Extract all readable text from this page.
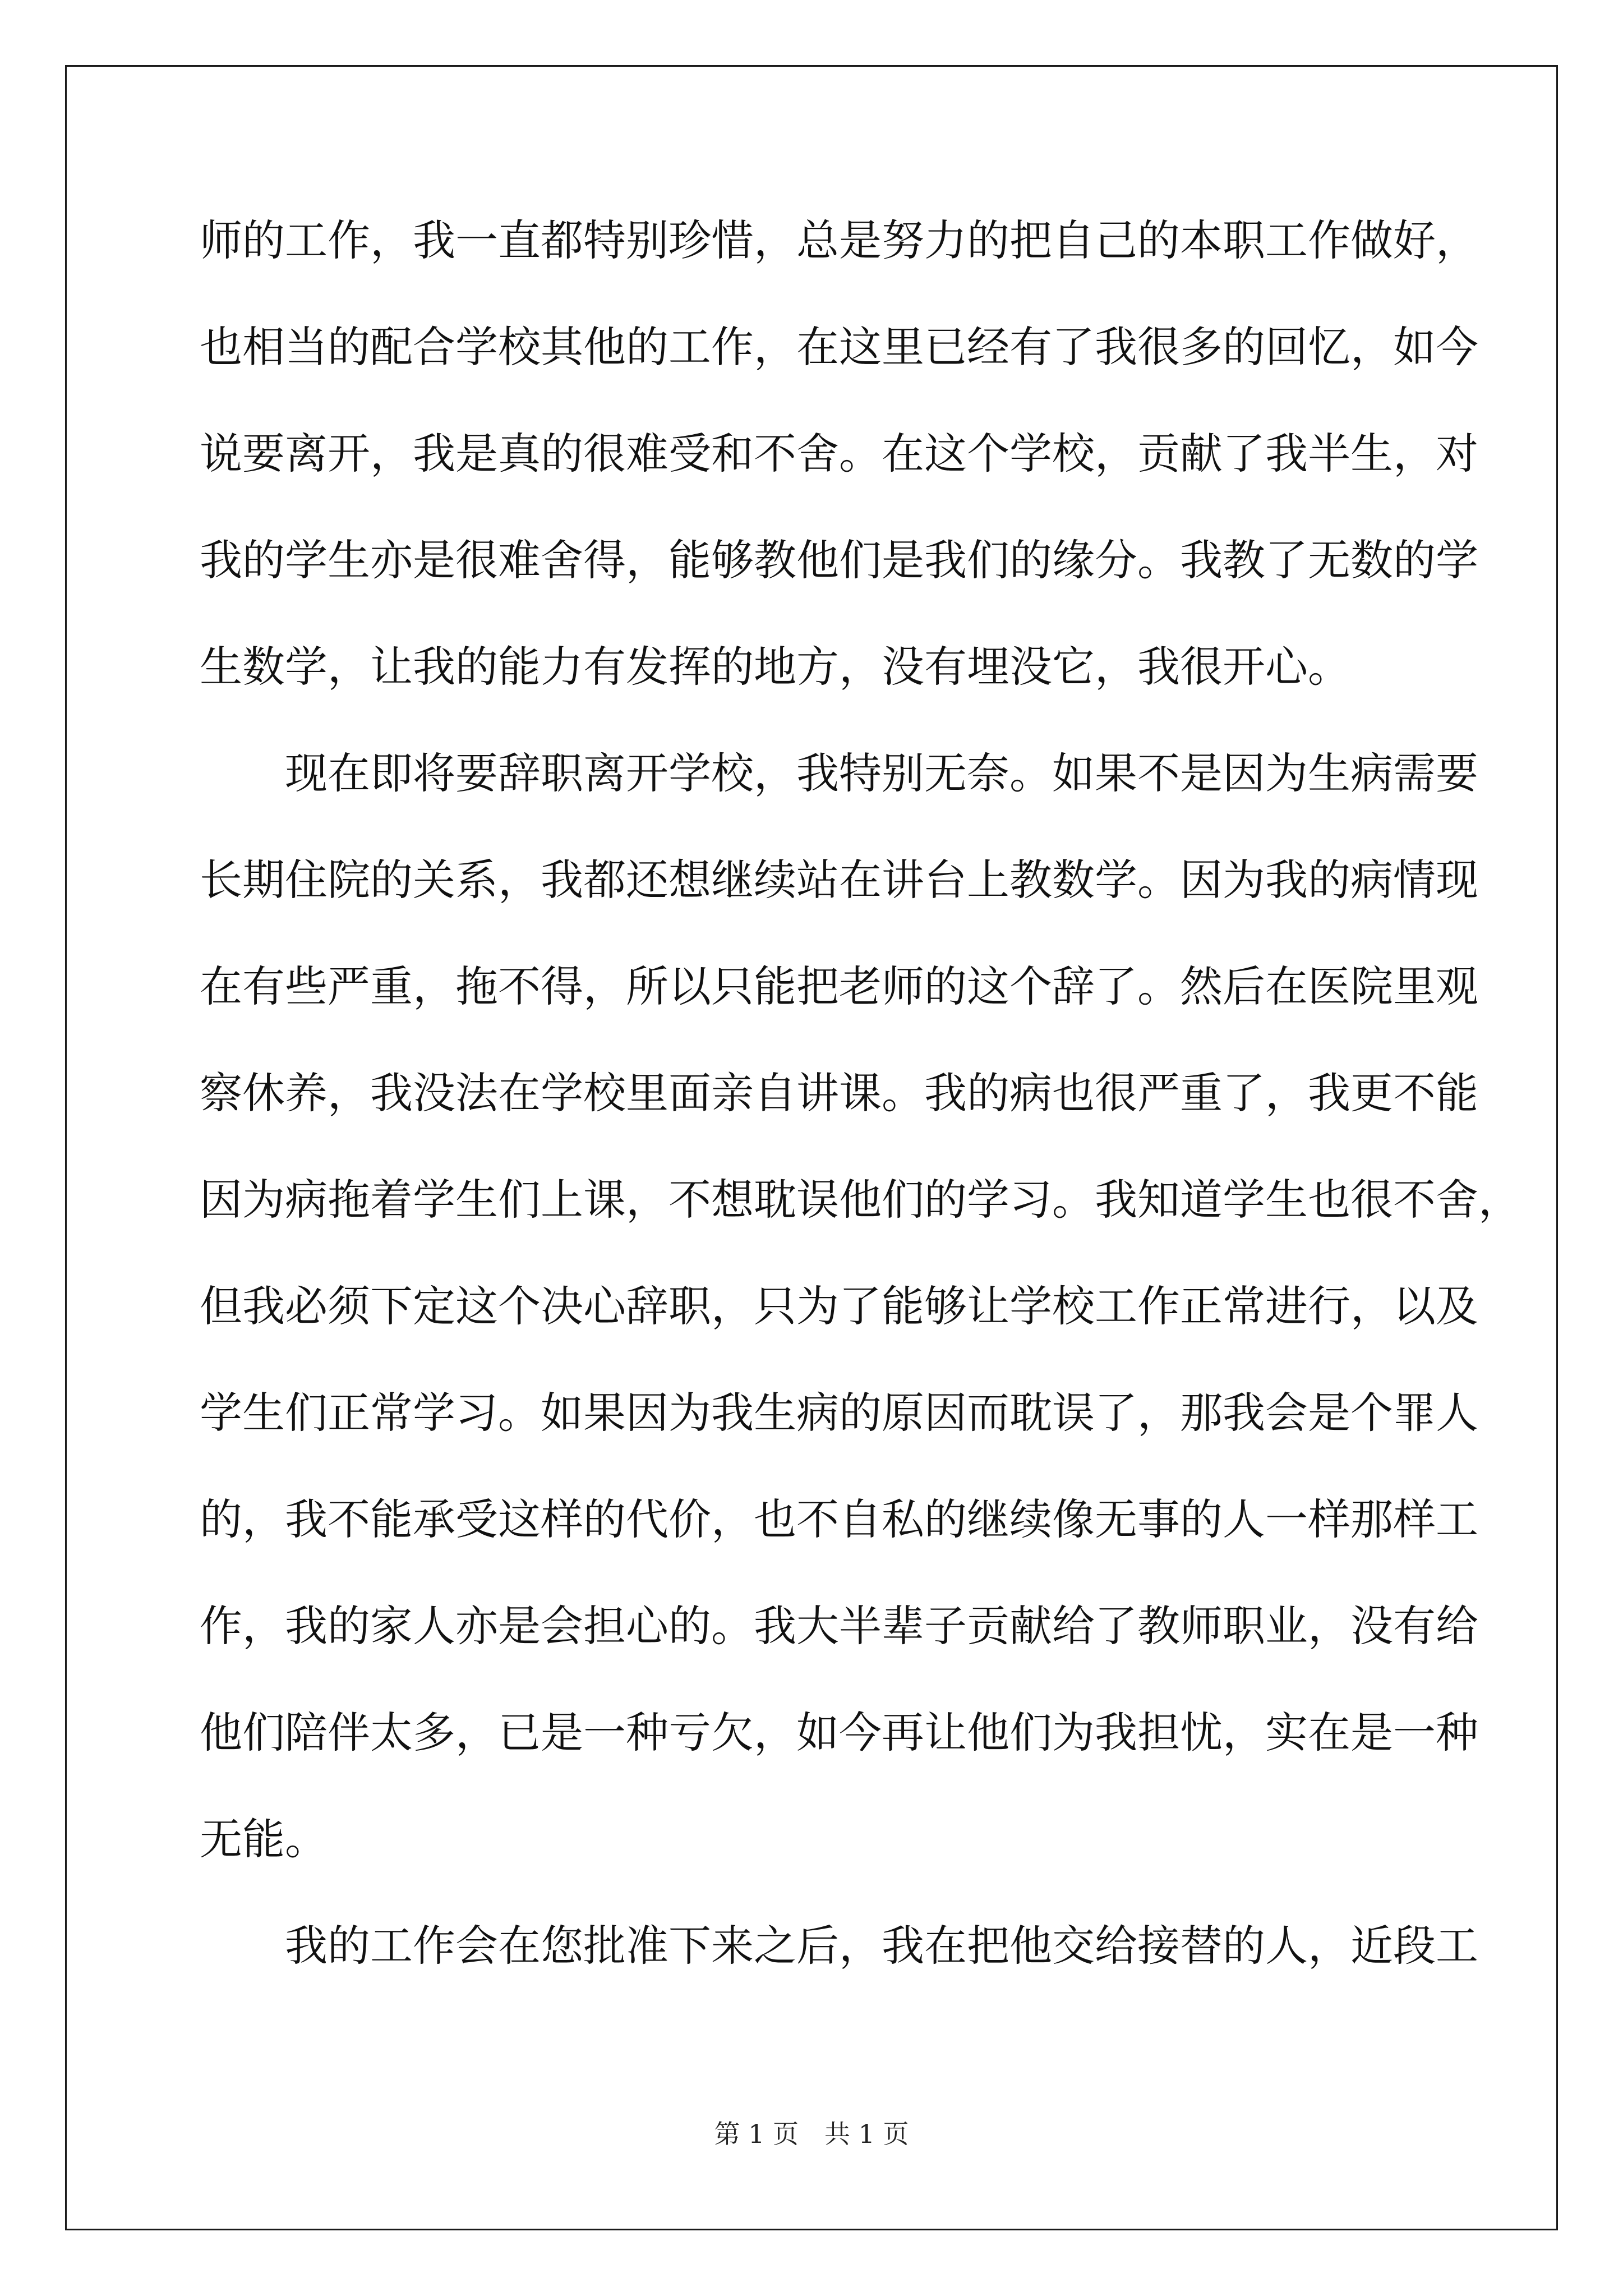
师的工作，我一直都特别珍惜，总是努力的把自己的本职工作做好，
也相当的配合学校其他的工作，在这里已经有了我很多的回忆，如今
说要离开，我是真的很难受和不舍。在这个学校，贡献了我半生，对
我的学生亦是很难舍得，能够教他们是我们的缘分。我教了无数的学
生数学，让我的能力有发挥的地方，没有埋没它，我很开心。
　　现在即将要辞职离开学校，我特别无奈。如果不是因为生病需要
长期住院的关系，我都还想继续站在讲台上教数学。因为我的病情现
在有些严重，拖不得，所以只能把老师的这个辞了。然后在医院里观
察休养，我没法在学校里面亲自讲课。我的病也很严重了，我更不能
因为病拖着学生们上课，不想耽误他们的学习。我知道学生也很不舍，
但我必须下定这个决心辞职，只为了能够让学校工作正常进行，以及
学生们正常学习。如果因为我生病的原因而耽误了，那我会是个罪人
的，我不能承受这样的代价，也不自私的继续像无事的人一样那样工
作，我的家人亦是会担心的。我大半辈子贡献给了教师职业，没有给
他们陪伴太多，已是一种亏欠，如今再让他们为我担忧，实在是一种
无能。
　　我的工作会在您批准下来之后，我在把他交给接替的人，近段工
第 1 页　共 1 页
